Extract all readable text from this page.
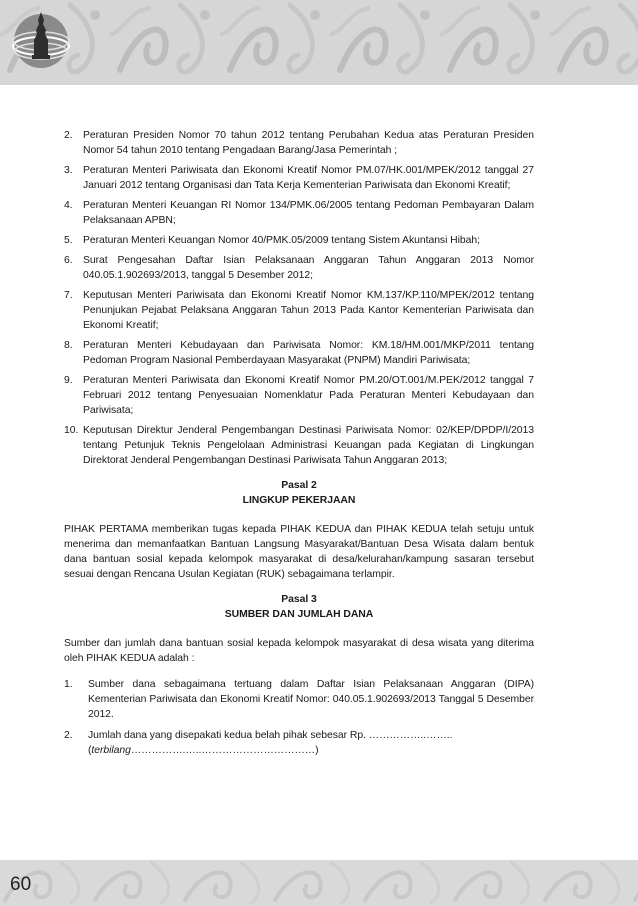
2. Peraturan Presiden Nomor 70 tahun 2012 tentang Perubahan Kedua atas Peraturan Presiden Nomor 54 tahun 2010 tentang Pengadaan Barang/Jasa Pemerintah ;
3. Peraturan Menteri Pariwisata dan Ekonomi Kreatif Nomor PM.07/HK.001/MPEK/2012 tanggal 27 Januari 2012 tentang Organisasi dan Tata Kerja Kementerian Pariwisata dan Ekonomi Kreatif;
4. Peraturan Menteri Keuangan RI Nomor 134/PMK.06/2005 tentang Pedoman Pembayaran Dalam Pelaksanaan APBN;
5. Peraturan Menteri Keuangan Nomor 40/PMK.05/2009 tentang Sistem Akuntansi Hibah;
6. Surat Pengesahan Daftar Isian Pelaksanaan Anggaran Tahun Anggaran 2013 Nomor 040.05.1.902693/2013, tanggal 5 Desember 2012;
7. Keputusan Menteri Pariwisata dan Ekonomi Kreatif Nomor KM.137/KP.110/MPEK/2012 tentang Penunjukan Pejabat Pelaksana Anggaran Tahun 2013 Pada Kantor Kementerian Pariwisata dan Ekonomi Kreatif;
8. Peraturan Menteri Kebudayaan dan Pariwisata Nomor: KM.18/HM.001/MKP/2011 tentang Pedoman Program Nasional Pemberdayaan Masyarakat (PNPM) Mandiri Pariwisata;
9. Peraturan Menteri Pariwisata dan Ekonomi Kreatif Nomor PM.20/OT.001/M.PEK/2012 tanggal 7 Februari 2012 tentang Penyesuaian Nomenklatur Pada Peraturan Menteri Kebudayaan dan Pariwisata;
10. Keputusan Direktur Jenderal Pengembangan Destinasi Pariwisata Nomor: 02/KEP/DPDP/I/2013 tentang Petunjuk Teknis Pengelolaan Administrasi Keuangan pada Kegiatan di Lingkungan Direktorat Jenderal Pengembangan Destinasi Pariwisata Tahun Anggaran 2013;
Pasal 2
LINGKUP PEKERJAAN

PIHAK PERTAMA memberikan tugas kepada PIHAK KEDUA dan PIHAK KEDUA telah setuju untuk menerima dan memanfaatkan Bantuan Langsung Masyarakat/Bantuan Desa Wisata dalam bentuk dana bantuan sosial kepada kelompok masyarakat di desa/kelurahan/kampung sasaran tersebut sesuai dengan Rencana Usulan Kegiatan (RUK) sebagaimana terlampir.

Pasal 3
SUMBER DAN JUMLAH DANA

Sumber dan jumlah dana bantuan sosial kepada kelompok masyarakat di desa wisata yang diterima oleh PIHAK KEDUA adalah :

1. Sumber dana sebagaimana tertuang dalam Daftar Isian Pelaksanaan Anggaran (DIPA) Kementerian Pariwisata dan Ekonomi Kreatif Nomor: 040.05.1.902693/2013 Tanggal 5 Desember 2012.
2. Jumlah dana yang disepakati kedua belah pihak sebesar Rp. ……………..……..
(terbilang…………….…..……………………………)
60
